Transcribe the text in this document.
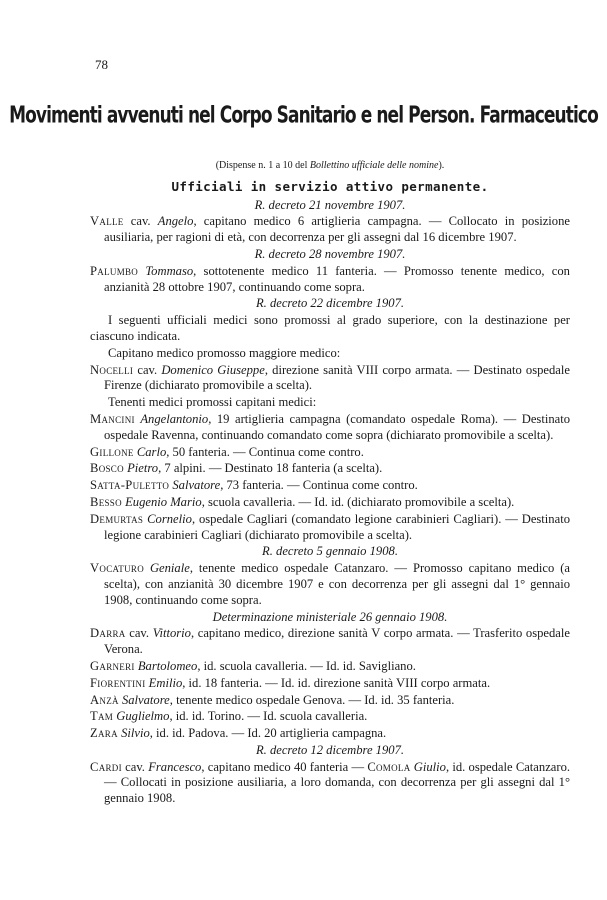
78
Movimenti avvenuti nel Corpo Sanitario e nel Person. Farmaceutico

(Dispense n. 1 a 10 del Bollettino ufficiale delle nomine).

Ufficiali in servizio attivo permanente.

R. decreto 21 novembre 1907.

Valle cav. Angelo, capitano medico 6 artiglieria campagna. — Collocato in posizione ausiliaria, per ragioni di età, con decorrenza per gli assegni dal 16 dicembre 1907.

R. decreto 28 novembre 1907.

Palumbo Tommaso, sottotenente medico 11 fanteria. — Promosso tenente medico, con anzianità 28 ottobre 1907, continuando come sopra.

R. decreto 22 dicembre 1907.

I seguenti ufficiali medici sono promossi al grado superiore, con la destinazione per ciascuno indicata.

Capitano medico promosso maggiore medico:

Nocelli cav. Domenico Giuseppe, direzione sanità VIII corpo armata. — Destinato ospedale Firenze (dichiarato promovibile a scelta).

Tenenti medici promossi capitani medici:

Mancini Angelantonio, 19 artiglieria campagna (comandato ospedale Roma). — Destinato ospedale Ravenna, continuando comandato come sopra (dichiarato promovibile a scelta).

Gillone Carlo, 50 fanteria. — Continua come contro.

Bosco Pietro, 7 alpini. — Destinato 18 fanteria (a scelta).

Satta-Puletto Salvatore, 73 fanteria. — Continua come contro.

Besso Eugenio Mario, scuola cavalleria. — Id. id. (dichiarato promovibile a scelta).

Demurtas Cornelio, ospedale Cagliari (comandato legione carabinieri Cagliari). — Destinato legione carabinieri Cagliari (dichiarato promovibile a scelta).

R. decreto 5 gennaio 1908.

Vocaturo Geniale, tenente medico ospedale Catanzaro. — Promosso capitano medico (a scelta), con anzianità 30 dicembre 1907 e con decorrenza per gli assegni dal 1° gennaio 1908, continuando come sopra.

Determinazione ministeriale 26 gennaio 1908.

Darra cav. Vittorio, capitano medico, direzione sanità V corpo armata. — Trasferito ospedale Verona.

Garneri Bartolomeo, id. scuola cavalleria. — Id. id. Savigliano.

Fiorentini Emilio, id. 18 fanteria. — Id. id. direzione sanità VIII corpo armata.

Anzà Salvatore, tenente medico ospedale Genova. — Id. id. 35 fanteria.

Tam Guglielmo, id. id. Torino. — Id. scuola cavalleria.

Zara Silvio, id. id. Padova. — Id. 20 artiglieria campagna.

R. decreto 12 dicembre 1907.

Cardi cav. Francesco, capitano medico 40 fanteria — Comola Giulio, id. ospedale Catanzaro. — Collocati in posizione ausiliaria, a loro domanda, con decorrenza per gli assegni dal 1° gennaio 1908.
